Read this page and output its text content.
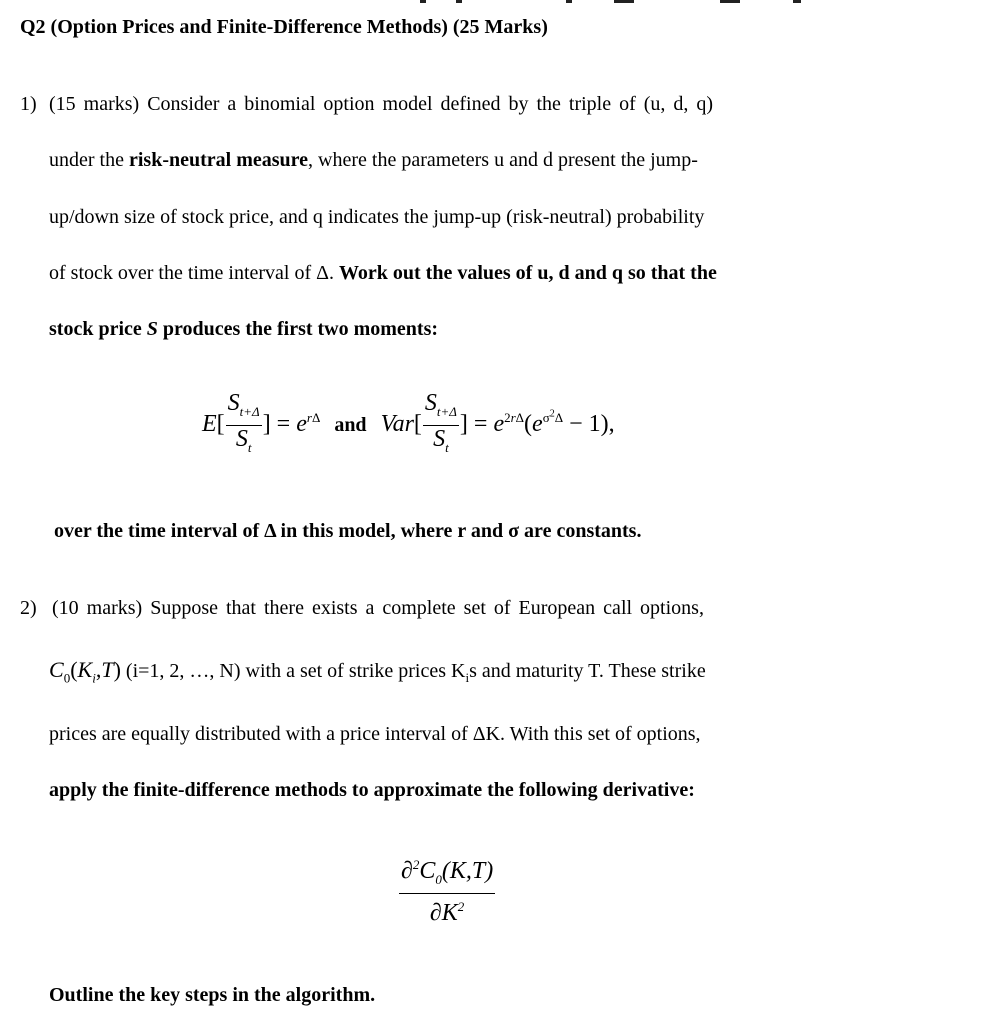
Q2 (Option Prices and Finite-Difference Methods) (25 Marks)
1) (15 marks) Consider a binomial option model defined by the triple of (u, d, q)
under the risk-neutral measure, where the parameters u and d present the jump-
up/down size of stock price, and q indicates the jump-up (risk-neutral) probability
of stock over the time interval of Δ. Work out the values of u, d and q so that the
stock price S produces the first two moments:
$E[ \frac{S_{t+\Delta}}{S_t}$ ] = $e^{r\Delta}$ and $Var[ \frac{S_{t+\Delta}}{S_t}$ ] = $e^{2r\Delta}(e^{\sigma^2\Delta} - 1)$,
over the time interval of Δ in this model, where r and σ are constants.
2) (10 marks) Suppose that there exists a complete set of European call options,
$C_0(K_i,T)$ (i=1, 2, …, N) with a set of strike prices $K_is$ and maturity T. These strike
prices are equally distributed with a price interval of ΔK. With this set of options,
apply the finite-difference methods to approximate the following derivative:
$\frac{\partial^2C_0(K,T)}{\partial K^2}$
Outline the key steps in the algorithm.
